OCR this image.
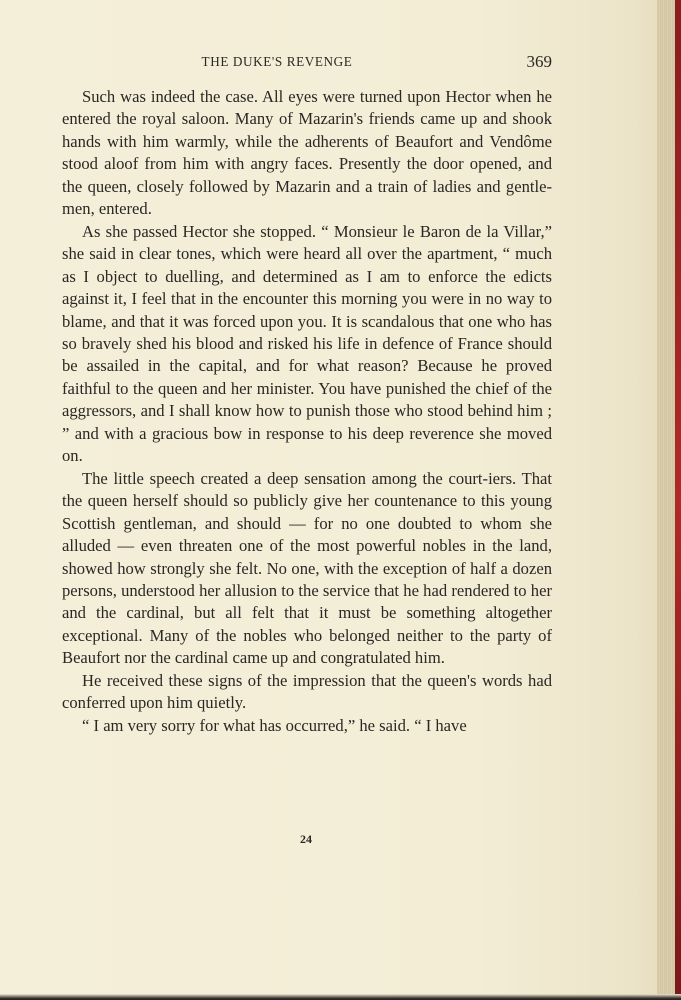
THE DUKE'S REVENGE	369

Such was indeed the case. All eyes were turned upon Hector when he entered the royal saloon. Many of Mazarin's friends came up and shook hands with him warmly, while the adherents of Beaufort and Vendôme stood aloof from him with angry faces. Presently the door opened, and the queen, closely followed by Mazarin and a train of ladies and gentle-men, entered.

As she passed Hector she stopped. “ Monsieur le Baron de la Villar,” she said in clear tones, which were heard all over the apartment, “ much as I object to duelling, and determined as I am to enforce the edicts against it, I feel that in the encounter this morning you were in no way to blame, and that it was forced upon you. It is scandalous that one who has so bravely shed his blood and risked his life in defence of France should be assailed in the capital, and for what reason? Because he proved faithful to the queen and her minister. You have punished the chief of the aggressors, and I shall know how to punish those who stood behind him ; ” and with a gracious bow in response to his deep reverence she moved on.

The little speech created a deep sensation among the court-iers. That the queen herself should so publicly give her countenance to this young Scottish gentleman, and should — for no one doubted to whom she alluded — even threaten one of the most powerful nobles in the land, showed how strongly she felt. No one, with the exception of half a dozen persons, understood her allusion to the service that he had rendered to her and the cardinal, but all felt that it must be something altogether exceptional. Many of the nobles who belonged neither to the party of Beaufort nor the cardinal came up and congratulated him.

He received these signs of the impression that the queen's words had conferred upon him quietly.

“ I am very sorry for what has occurred,” he said. “ I have

24
